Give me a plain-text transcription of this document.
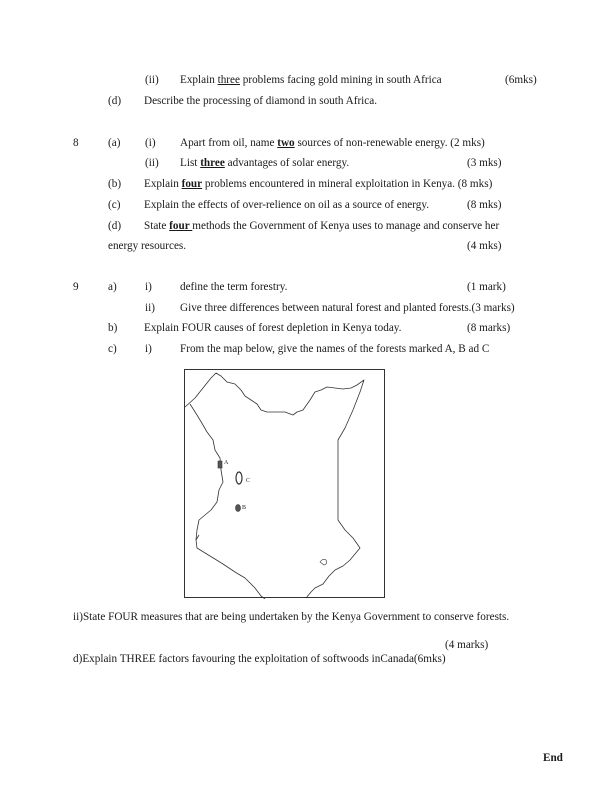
(ii) Explain three problems facing gold mining in south Africa	(6mks)
(d) Describe the processing of diamond in south Africa.
8	(a) (i) Apart from oil, name two sources of non-renewable energy. (2 mks)
(ii) List three advantages of solar energy.	(3 mks)
(b) Explain four problems encountered in mineral exploitation in Kenya. (8 mks)
(c) Explain the effects of over-relience on oil as a source of energy.	(8 mks)
(d) State four methods the Government of Kenya uses to manage and conserve her
energy resources.	(4 mks)
9	a)	i)	define the term forestry.	(1 mark)
ii) Give three differences between natural forest and planted forests.(3 marks)
b) Explain FOUR causes of forest depletion in Kenya today.	(8 marks)
c)	i)	From the map below, give the names of the forests marked A, B ad C
A
C
B
ii)State FOUR measures that are being undertaken by the Kenya Government to conserve forests.
(4 marks)
d)Explain THREE factors favouring the exploitation of softwoods inCanada(6mks)
End
